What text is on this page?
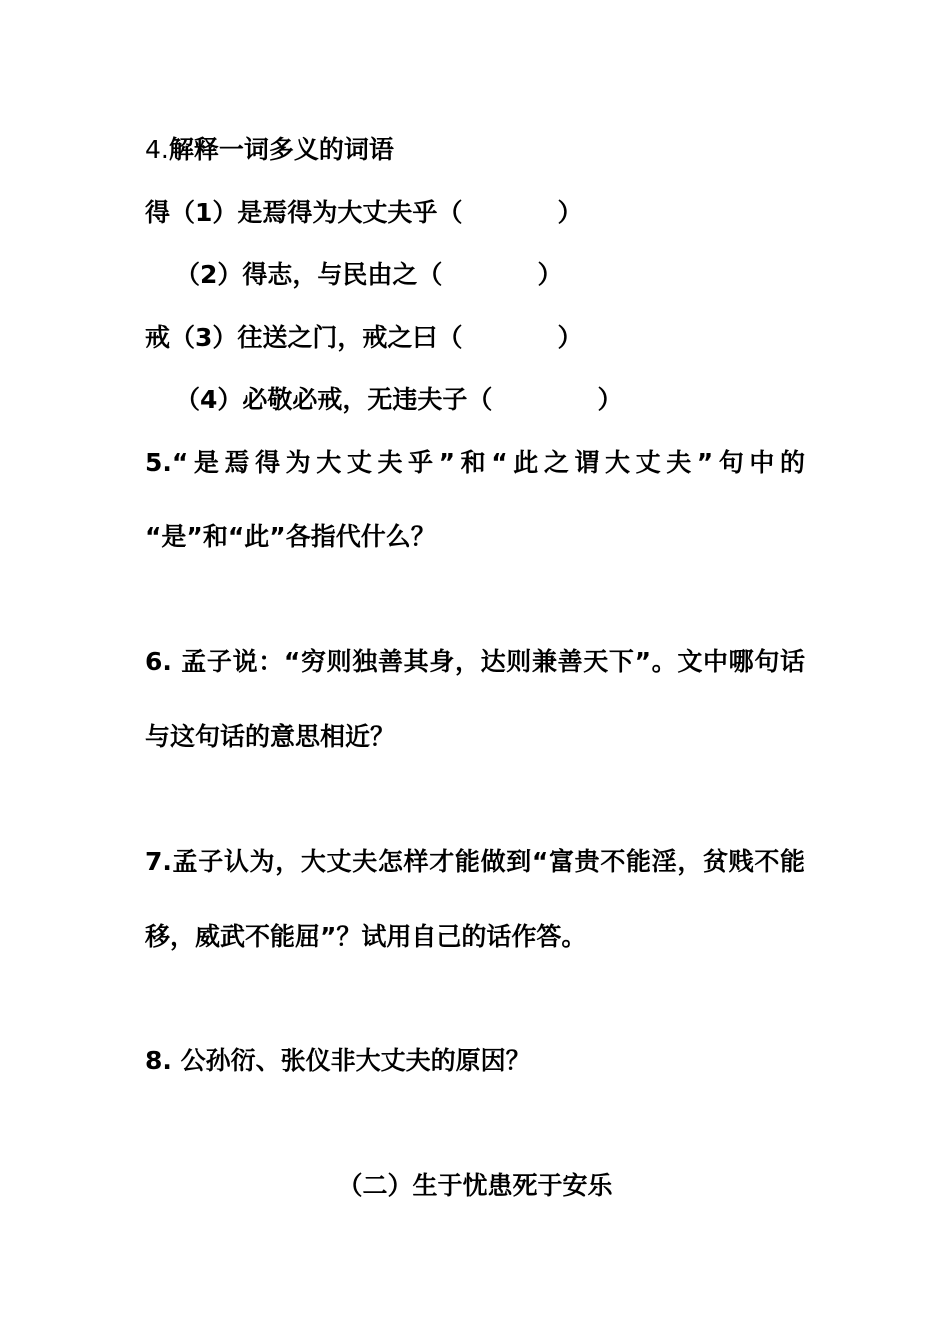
4.解释一词多义的词语
得（1）是焉得为大丈夫乎（	）
（2）得志，与民由之（	）
戒（3）往送之门，戒之曰（	）
（4）必敬必戒，无违夫子（	）
5.“是焉得为大丈夫乎”和“此之谓大丈夫”句中的
“是”和“此”各指代什么？
6. 孟子说：“穷则独善其身，达则兼善天下”。文中哪句话
与这句话的意思相近？
7.孟子认为，大丈夫怎样才能做到“富贵不能淫，贫贱不能
移，威武不能屈”？试用自己的话作答。
8. 公孙衍、张仪非大丈夫的原因？
（二）生于忧患死于安乐
